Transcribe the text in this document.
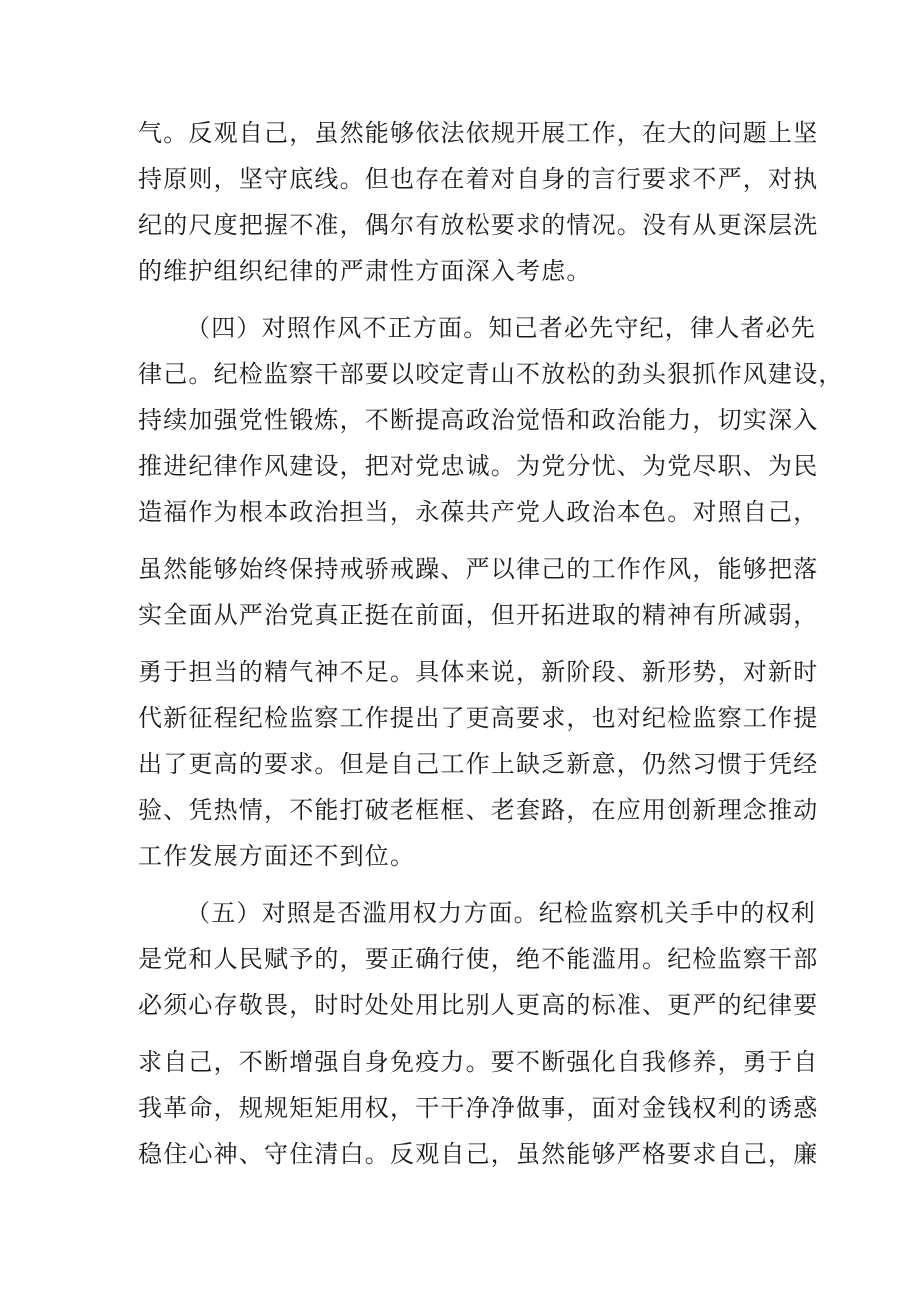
气。反观自己，虽然能够依法依规开展工作，在大的问题上坚
持原则，坚守底线。但也存在着对自身的言行要求不严，对执
纪的尺度把握不准，偶尔有放松要求的情况。没有从更深层洗
的维护组织纪律的严肃性方面深入考虑。
（四）对照作风不正方面。知己者必先守纪，律人者必先
律己。纪检监察干部要以咬定青山不放松的劲头狠抓作风建设，
持续加强党性锻炼，不断提高政治觉悟和政治能力，切实深入
推进纪律作风建设，把对党忠诚。为党分忧、为党尽职、为民
造福作为根本政治担当，永葆共产党人政治本色。对照自己，
虽然能够始终保持戒骄戒躁、严以律己的工作作风，能够把落
实全面从严治党真正挺在前面，但开拓进取的精神有所减弱，
勇于担当的精气神不足。具体来说，新阶段、新形势，对新时
代新征程纪检监察工作提出了更高要求，也对纪检监察工作提
出了更高的要求。但是自己工作上缺乏新意，仍然习惯于凭经
验、凭热情，不能打破老框框、老套路，在应用创新理念推动
工作发展方面还不到位。
（五）对照是否滥用权力方面。纪检监察机关手中的权利
是党和人民赋予的，要正确行使，绝不能滥用。纪检监察干部
必须心存敬畏，时时处处用比别人更高的标准、更严的纪律要
求自己，不断增强自身免疫力。要不断强化自我修养，勇于自
我革命，规规矩矩用权，干干净净做事，面对金钱权利的诱惑
稳住心神、守住清白。反观自己，虽然能够严格要求自己，廉
